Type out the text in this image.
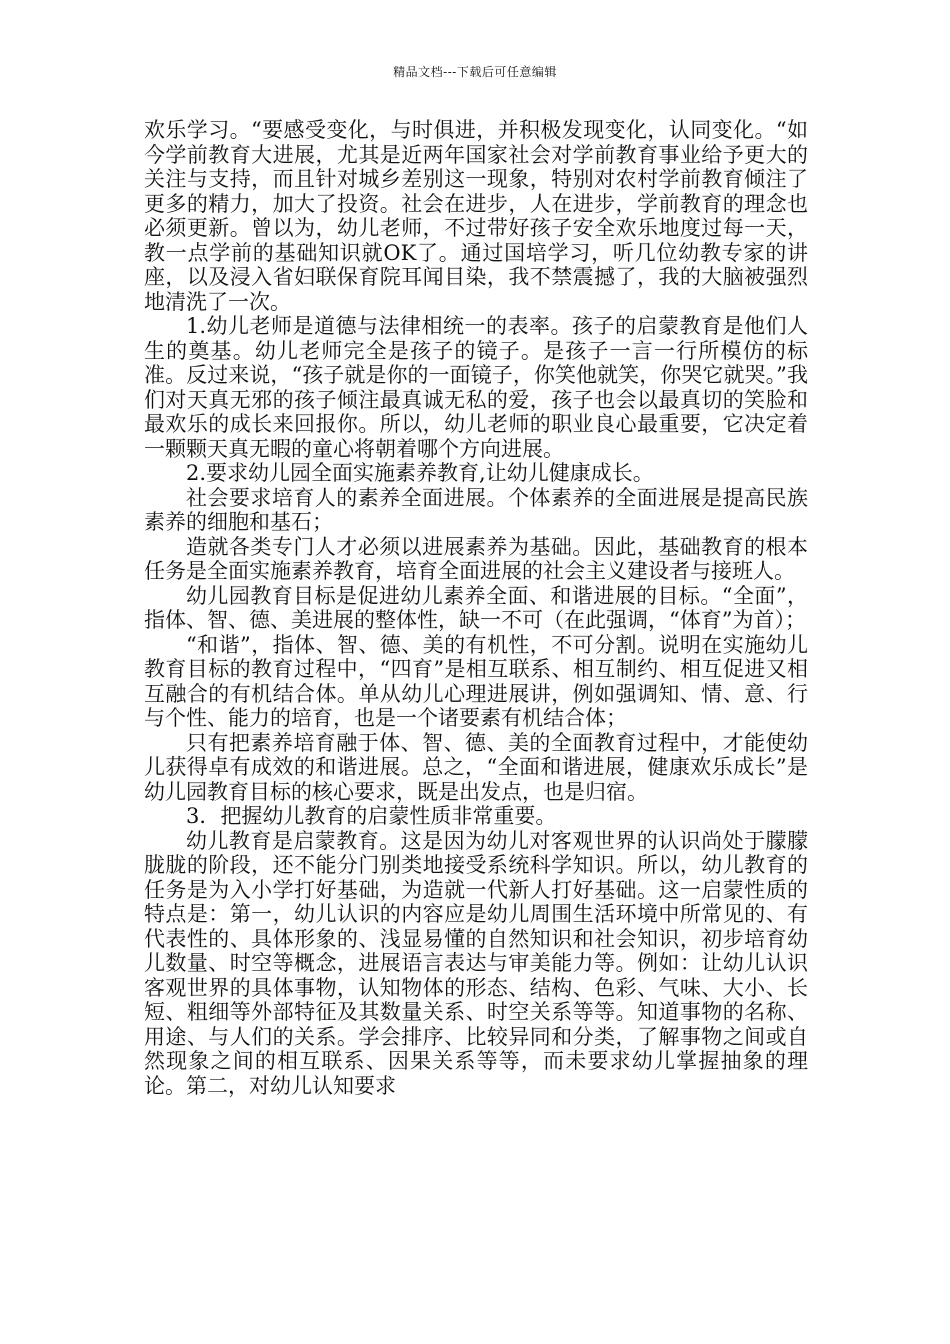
精品文档---下载后可任意编辑

欢乐学习。“要感受变化，与时俱进，并积极发现变化，认同变化。“如今学前教育大进展，尤其是近两年国家社会对学前教育事业给予更大的关注与支持，而且针对城乡差别这一现象，特别对农村学前教育倾注了更多的精力，加大了投资。社会在进步，人在进步，学前教育的理念也必须更新。曾以为，幼儿老师，不过带好孩子安全欢乐地度过每一天，教一点学前的基础知识就OK了。通过国培学习，听几位幼教专家的讲座，以及浸入省妇联保育院耳闻目染，我不禁震撼了，我的大脑被强烈地清洗了一次。

1.幼儿老师是道德与法律相统一的表率。孩子的启蒙教育是他们人生的奠基。幼儿老师完全是孩子的镜子。是孩子一言一行所模仿的标准。反过来说，“孩子就是你的一面镜子，你笑他就笑，你哭它就哭。”我们对天真无邪的孩子倾注最真诚无私的爱，孩子也会以最真切的笑脸和最欢乐的成长来回报你。所以，幼儿老师的职业良心最重要，它决定着一颗颗天真无暇的童心将朝着哪个方向进展。

2.要求幼儿园全面实施素养教育,让幼儿健康成长。

社会要求培育人的素养全面进展。个体素养的全面进展是提高民族素养的细胞和基石；

造就各类专门人才必须以进展素养为基础。因此，基础教育的根本任务是全面实施素养教育，培育全面进展的社会主义建设者与接班人。

幼儿园教育目标是促进幼儿素养全面、和谐进展的目标。“全面”，指体、智、德、美进展的整体性，缺一不可（在此强调，“体育”为首）；

“和谐”，指体、智、德、美的有机性，不可分割。说明在实施幼儿教育目标的教育过程中，“四育”是相互联系、相互制约、相互促进又相互融合的有机结合体。单从幼儿心理进展讲，例如强调知、情、意、行与个性、能力的培育，也是一个诸要素有机结合体；

只有把素养培育融于体、智、德、美的全面教育过程中，才能使幼儿获得卓有成效的和谐进展。总之，“全面和谐进展，健康欢乐成长”是幼儿园教育目标的核心要求，既是出发点，也是归宿。

3．把握幼儿教育的启蒙性质非常重要。

幼儿教育是启蒙教育。这是因为幼儿对客观世界的认识尚处于朦朦胧胧的阶段，还不能分门别类地接受系统科学知识。所以，幼儿教育的任务是为入小学打好基础，为造就一代新人打好基础。这一启蒙性质的特点是：第一，幼儿认识的内容应是幼儿周围生活环境中所常见的、有代表性的、具体形象的、浅显易懂的自然知识和社会知识，初步培育幼儿数量、时空等概念，进展语言表达与审美能力等。例如：让幼儿认识客观世界的具体事物，认知物体的形态、结构、色彩、气味、大小、长短、粗细等外部特征及其数量关系、时空关系等等。知道事物的名称、用途、与人们的关系。学会排序、比较异同和分类，了解事物之间或自然现象之间的相互联系、因果关系等等，而未要求幼儿掌握抽象的理论。第二，对幼儿认知要求
